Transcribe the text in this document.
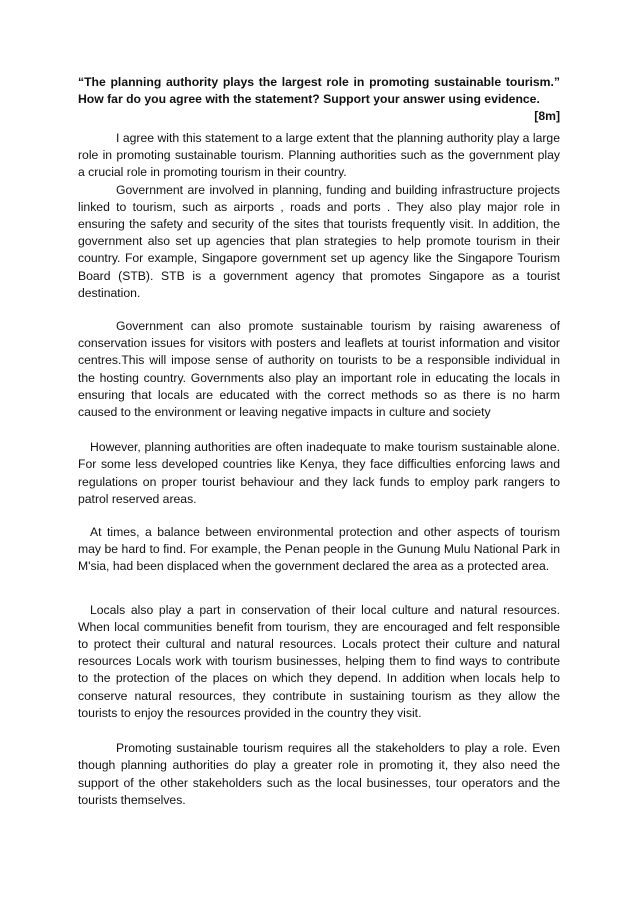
“The planning authority plays the largest role in promoting sustainable tourism.” How far do you agree with the statement? Support your answer using evidence.
[8m]

I agree with this statement to a large extent that the planning authority play a large role in promoting sustainable tourism. Planning authorities such as the government play a crucial role in promoting tourism in their country.

Government are involved in planning, funding and building infrastructure projects linked to tourism, such as airports , roads and ports . They also play major role in ensuring the safety and security of the sites that tourists frequently visit. In addition, the government also set up agencies that plan strategies to help promote tourism in their country. For example, Singapore government set up agency like the Singapore Tourism Board (STB). STB is a government agency that promotes Singapore as a tourist destination.

Government can also promote sustainable tourism by raising awareness of conservation issues for visitors with posters and leaflets at tourist information and visitor centres.This will impose sense of authority on tourists to be a responsible individual in the hosting country. Governments also play an important role in educating the locals in ensuring that locals are educated with the correct methods so as there is no harm caused to the environment or leaving negative impacts in culture and society

However, planning authorities are often inadequate to make tourism sustainable alone. For some less developed countries like Kenya, they face difficulties enforcing laws and regulations on proper tourist behaviour and they lack funds to employ park rangers to patrol reserved areas.

At times, a balance between environmental protection and other aspects of tourism may be hard to find. For example, the Penan people in the Gunung Mulu National Park in M'sia, had been displaced when the government declared the area as a protected area.

Locals also play a part in conservation of their local culture and natural resources. When local communities benefit from tourism, they are encouraged and felt responsible to protect their cultural and natural resources. Locals protect their culture and natural resources Locals work with tourism businesses, helping them to find ways to contribute to the protection of the places on which they depend. In addition when locals help to conserve natural resources, they contribute in sustaining tourism as they allow the tourists to enjoy the resources provided in the country they visit.

Promoting sustainable tourism requires all the stakeholders to play a role. Even though planning authorities do play a greater role in promoting it, they also need the support of the other stakeholders such as the local businesses, tour operators and the tourists themselves.
